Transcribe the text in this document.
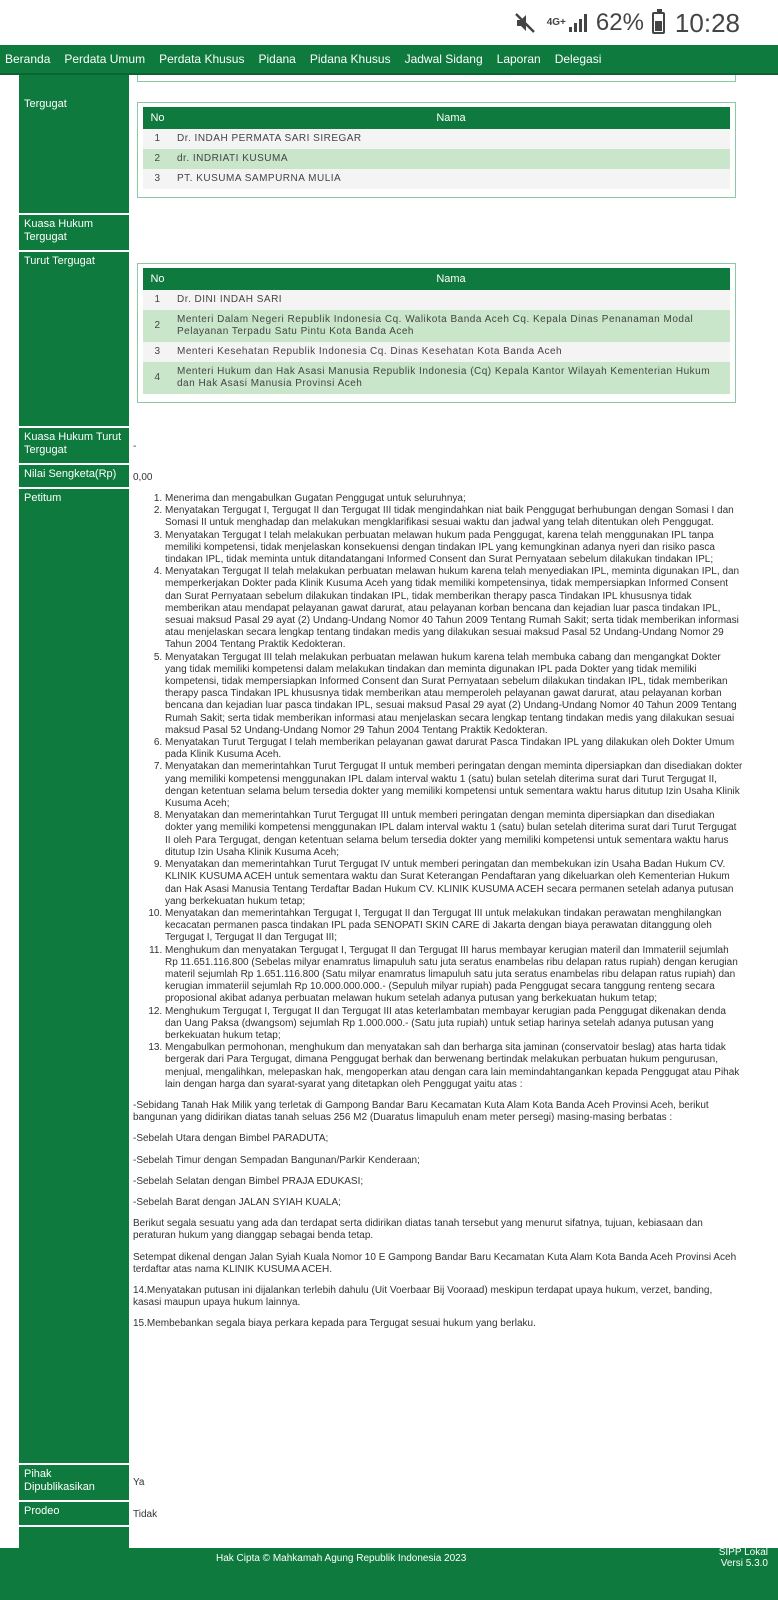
4G+ 62% 10:28
Beranda	Perdata Umum	Perdata Khusus	Pidana	Pidana Khusus	Jadwal Sidang	Laporan	Delegasi
Tergugat
No	Nama
1	Dr. INDAH PERMATA SARI SIREGAR
2	dr. INDRIATI KUSUMA
3	PT. KUSUMA SAMPURNA MULIA
Kuasa Hukum Tergugat
Turut Tergugat
No	Nama
1	Dr. DINI INDAH SARI
2	Menteri Dalam Negeri Republik Indonesia Cq. Walikota Banda Aceh Cq. Kepala Dinas Penanaman Modal Pelayanan Terpadu Satu Pintu Kota Banda Aceh
3	Menteri Kesehatan Republik Indonesia Cq. Dinas Kesehatan Kota Banda Aceh
4	Menteri Hukum dan Hak Asasi Manusia Republik Indonesia (Cq) Kepala Kantor Wilayah Kementerian Hukum dan Hak Asasi Manusia Provinsi Aceh
Kuasa Hukum Turut Tergugat	-
Nilai Sengketa(Rp)	0,00
Petitum	1. Menerima dan mengabulkan Gugatan Penggugat untuk seluruhnya;
2. Menyatakan Tergugat I, Tergugat II dan Tergugat III tidak mengindahkan niat baik Penggugat berhubungan dengan Somasi I dan Somasi II untuk menghadap dan melakukan mengklarifikasi sesuai waktu dan jadwal yang telah ditentukan oleh Penggugat.
3. Menyatakan Tergugat I telah melakukan perbuatan melawan hukum pada Penggugat, karena telah menggunakan IPL tanpa memiliki kompetensi, tidak menjelaskan konsekuensi dengan tindakan IPL yang kemungkinan adanya nyeri dan risiko pasca tindakan IPL, tidak meminta untuk ditandatangani Informed Consent dan Surat Pernyataan sebelum dilakukan tindakan IPL;
4. Menyatakan Tergugat II telah melakukan perbuatan melawan hukum karena telah menyediakan IPL, meminta digunakan IPL, dan memperkerjakan Dokter pada Klinik Kusuma Aceh yang tidak memiliki kompetensinya, tidak mempersiapkan Informed Consent dan Surat Pernyataan sebelum dilakukan tindakan IPL, tidak memberikan therapy pasca Tindakan IPL khususnya tidak memberikan atau mendapat pelayanan gawat darurat, atau pelayanan korban bencana dan kejadian luar pasca tindakan IPL, sesuai maksud Pasal 29 ayat (2) Undang-Undang Nomor 40 Tahun 2009 Tentang Rumah Sakit; serta tidak memberikan informasi atau menjelaskan secara lengkap tentang tindakan medis yang dilakukan sesuai maksud Pasal 52 Undang-Undang Nomor 29 Tahun 2004 Tentang Praktik Kedokteran.
5. Menyatakan Tergugat III telah melakukan perbuatan melawan hukum karena telah membuka cabang dan mengangkat Dokter yang tidak memiliki kompetensi dalam melakukan tindakan dan meminta digunakan IPL pada Dokter yang tidak memiliki kompetensi, tidak mempersiapkan Informed Consent dan Surat Pernyataan sebelum dilakukan tindakan IPL, tidak memberikan therapy pasca Tindakan IPL khususnya tidak memberikan atau memperoleh pelayanan gawat darurat, atau pelayanan korban bencana dan kejadian luar pasca tindakan IPL, sesuai maksud Pasal 29 ayat (2) Undang-Undang Nomor 40 Tahun 2009 Tentang Rumah Sakit; serta tidak memberikan informasi atau menjelaskan secara lengkap tentang tindakan medis yang dilakukan sesuai maksud Pasal 52 Undang-Undang Nomor 29 Tahun 2004 Tentang Praktik Kedokteran.
6. Menyatakan Turut Tergugat I telah memberikan pelayanan gawat darurat Pasca Tindakan IPL yang dilakukan oleh Dokter Umum pada Klinik Kusuma Aceh.
7. Menyatakan dan memerintahkan Turut Tergugat II untuk memberi peringatan dengan meminta dipersiapkan dan disediakan dokter yang memiliki kompetensi menggunakan IPL dalam interval waktu 1 (satu) bulan setelah diterima surat dari Turut Tergugat II, dengan ketentuan selama belum tersedia dokter yang memiliki kompetensi untuk sementara waktu harus ditutup Izin Usaha Klinik Kusuma Aceh;
8. Menyatakan dan memerintahkan Turut Tergugat III untuk memberi peringatan dengan meminta dipersiapkan dan disediakan dokter yang memiliki kompetensi menggunakan IPL dalam interval waktu 1 (satu) bulan setelah diterima surat dari Turut Tergugat II oleh Para Tergugat, dengan ketentuan selama belum tersedia dokter yang memiliki kompetensi untuk sementara waktu harus ditutup Izin Usaha Klinik Kusuma Aceh;
9. Menyatakan dan memerintahkan Turut Tergugat IV untuk memberi peringatan dan membekukan izin Usaha Badan Hukum CV. KLINIK KUSUMA ACEH untuk sementara waktu dan Surat Keterangan Pendaftaran yang dikeluarkan oleh Kementerian Hukum dan Hak Asasi Manusia Tentang Terdaftar Badan Hukum CV. KLINIK KUSUMA ACEH secara permanen setelah adanya putusan yang berkekuatan hukum tetap;
10. Menyatakan dan memerintahkan Tergugat I, Tergugat II dan Tergugat III untuk melakukan tindakan perawatan menghilangkan kecacatan permanen pasca tindakan IPL pada SENOPATI SKIN CARE di Jakarta dengan biaya perawatan ditanggung oleh Tergugat I, Tergugat II dan Tergugat III;
11. Menghukum dan menyatakan Tergugat I, Tergugat II dan Tergugat III harus membayar kerugian materil dan Immateriil sejumlah Rp 11.651.116.800 (Sebelas milyar enamratus limapuluh satu juta seratus enambelas ribu delapan ratus rupiah) dengan kerugian materil sejumlah Rp 1.651.116.800 (Satu milyar enamratus limapuluh satu juta seratus enambelas ribu delapan ratus rupiah) dan kerugian immateriil sejumlah Rp 10.000.000.000.- (Sepuluh milyar rupiah) pada Penggugat secara tanggung renteng secara proposional akibat adanya perbuatan melawan hukum setelah adanya putusan yang berkekuatan hukum tetap;
12. Menghukum Tergugat I, Tergugat II dan Tergugat III atas keterlambatan membayar kerugian pada Penggugat dikenakan denda dan Uang Paksa (dwangsom) sejumlah Rp 1.000.000.- (Satu juta rupiah) untuk setiap harinya setelah adanya putusan yang berkekuatan hukum tetap;
13. Mengabulkan permohonan, menghukum dan menyatakan sah dan berharga sita jaminan (conservatoir beslag) atas harta tidak bergerak dari Para Tergugat, dimana Penggugat berhak dan berwenang bertindak melakukan perbuatan hukum pengurusan, menjual, mengalihkan, melepaskan hak, mengoperkan atau dengan cara lain memindahtangankan kepada Penggugat atau Pihak lain dengan harga dan syarat-syarat yang ditetapkan oleh Penggugat yaitu atas :

-Sebidang Tanah Hak Milik yang terletak di Gampong Bandar Baru Kecamatan Kuta Alam Kota Banda Aceh Provinsi Aceh, berikut bangunan yang didirikan diatas tanah seluas 256 M2 (Duaratus limapuluh enam meter persegi) masing-masing berbatas :

-Sebelah Utara dengan Bimbel PARADUTA;

-Sebelah Timur dengan Sempadan Bangunan/Parkir Kenderaan;

-Sebelah Selatan dengan Bimbel PRAJA EDUKASI;

-Sebelah Barat dengan JALAN SYIAH KUALA;

Berikut segala sesuatu yang ada dan terdapat serta didirikan diatas tanah tersebut yang menurut sifatnya, tujuan, kebiasaan dan peraturan hukum yang dianggap sebagai benda tetap.

Setempat dikenal dengan Jalan Syiah Kuala Nomor 10 E Gampong Bandar Baru Kecamatan Kuta Alam Kota Banda Aceh Provinsi Aceh terdaftar atas nama KLINIK KUSUMA ACEH.

14.Menyatakan putusan ini dijalankan terlebih dahulu (Uit Voerbaar Bij Vooraad) meskipun terdapat upaya hukum, verzet, banding, kasasi maupun upaya hukum lainnya.

15.Membebankan segala biaya perkara kepada para Tergugat sesuai hukum yang berlaku.

Pihak Dipublikasikan	Ya
Prodeo	Tidak
Hak Cipta © Mahkamah Agung Republik Indonesia 2023
SIPP Lokal
Versi 5.3.0
